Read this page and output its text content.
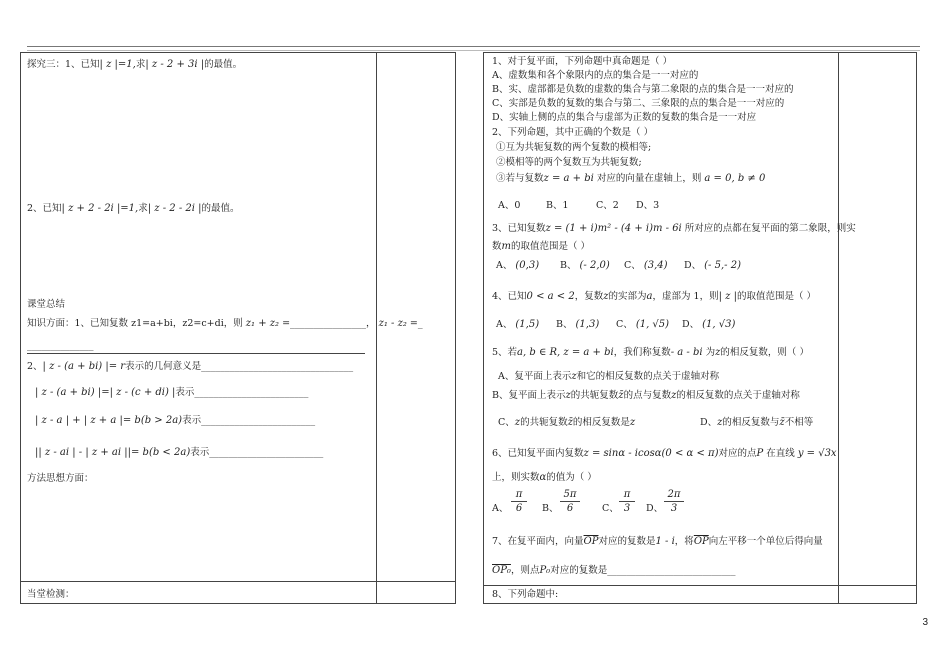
探究三：1、已知| z |=1,求| z - 2 + 3i |的最值。
2、已知| z + 2 - 2i |=1,求| z - 2 - 2i |的最值。
课堂总结
知识方面：1、已知复数 z1=a+bi，z2=c+di，则 z₁ + z₂ =________________， z₁ - z₂ =_
______________
2、| z - (a + bi) |= r表示的几何意义是________________________________
| z - (a + bi) |=| z - (c + di) |表示________________________
| z - a | + | z + a |= b(b > 2a)表示________________________
|| z - ai | - | z + ai ||= b(b < 2a)表示________________________
方法思想方面：
当堂检测：
1、对于复平面，下列命题中真命题是（ ）
A、虚数集和各个象限内的点的集合是一一对应的
B、实、虚部都是负数的虚数的集合与第二象限的点的集合是一一对应的
C、实部是负数的复数的集合与第二、三象限的点的集合是一一对应的
D、实轴上侧的点的集合与虚部为正数的复数的集合是一一对应
2、下列命题，其中正确的个数是（ ）
①互为共轭复数的两个复数的模相等;
②模相等的两个复数互为共轭复数;
③若与复数z = a + bi 对应的向量在虚轴上，则 a = 0, b ≠ 0
A、0	B、1	C、2 D、3
3、已知复数z = (1 + i)m² - (4 + i)m - 6i 所对应的点都在复平面的第二象限，则实
数m的取值范围是（ ）
A、 (0,3) B、 (- 2,0) C、 (3,4) D、 (- 5,- 2)
4、已知0 < a < 2，复数z的实部为a，虚部为 1，则| z |的取值范围是（ ）
A、 (1,5) B、 (1,3) C、 (1, √5) D、 (1, √3)
5、若a, b ∈ R, z = a + bi，我们称复数- a - bi 为z的相反复数，则（ ）
A、复平面上表示z和它的相反复数的点关于虚轴对称
B、复平面上表示z的共轭复数z̄的点与复数z的相反复数的点关于虚轴对称
C、z的共轭复数z̄的相反复数是z	D、z的相反复数与z̄不相等
6、已知复平面内复数z = sinα - icosα(0 < α < π)对应的点P 在直线 y = √3x
上，则实数α的值为（ ）
A、
π
6	B、
5π
6	C、
π
3	D、
2π
3
7、在复平面内，向量$\overline{OP}$对应的复数是1 - i，将$\overline{OP}$向左平移一个单位后得向量
OP₀，则点P₀对应的复数是___________________________
8、下列命题中:
3
